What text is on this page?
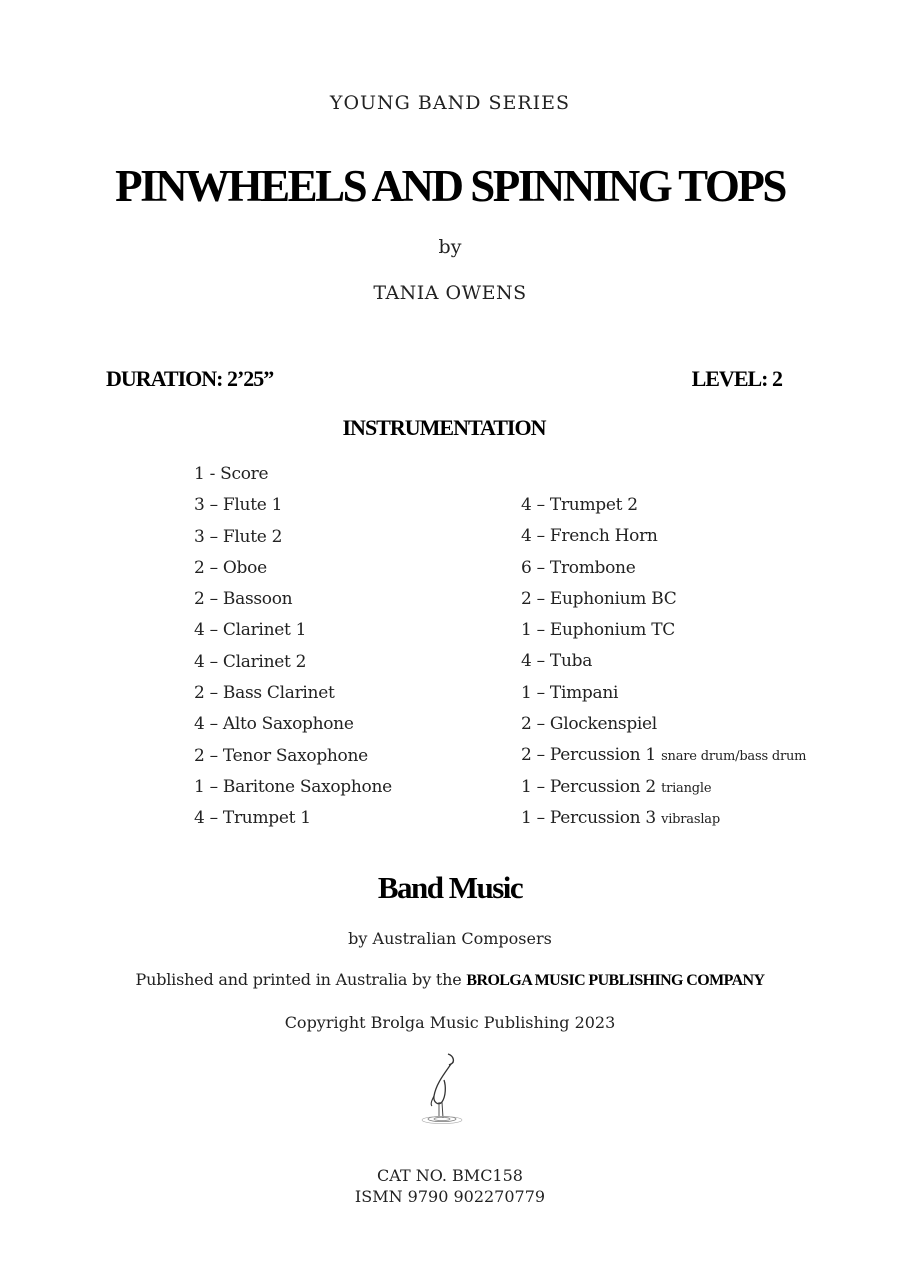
YOUNG BAND SERIES
PINWHEELS AND SPINNING TOPS
by
TANIA OWENS
DURATION: 2’25”	LEVEL: 2
INSTRUMENTATION
1 - Score
3 – Flute 1
3 – Flute 2
2 – Oboe
2 – Bassoon
4 – Clarinet 1
4 – Clarinet 2
2 – Bass Clarinet
4 – Alto Saxophone
2 – Tenor Saxophone
1 – Baritone Saxophone
4 – Trumpet 1
4 – Trumpet 2
4 – French Horn
6 – Trombone
2 – Euphonium BC
1 – Euphonium TC
4 – Tuba
1 – Timpani
2 – Glockenspiel
2 – Percussion 1 snare drum/bass drum
1 – Percussion 2 triangle
1 – Percussion 3 vibraslap
Band Music
by Australian Composers
Published and printed in Australia by the BROLGA MUSIC PUBLISHING COMPANY
Copyright Brolga Music Publishing 2023
CAT NO. BMC158
ISMN 9790 902270779
